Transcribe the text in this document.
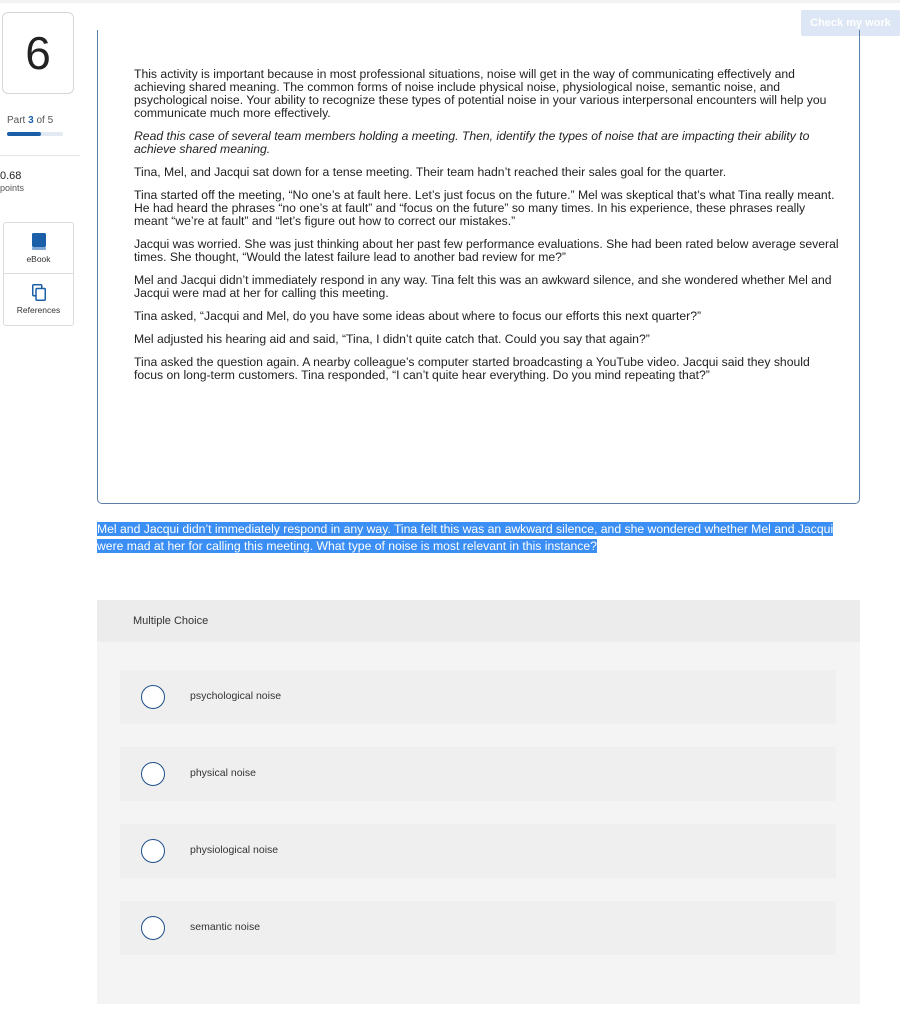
Check my work
6
Part 3 of 5
0.68
points
eBook
References

This activity is important because in most professional situations, noise will get in the way of communicating effectively and achieving shared meaning. The common forms of noise include physical noise, physiological noise, semantic noise, and psychological noise. Your ability to recognize these types of potential noise in your various interpersonal encounters will help you communicate much more effectively.

Read this case of several team members holding a meeting. Then, identify the types of noise that are impacting their ability to achieve shared meaning.

Tina, Mel, and Jacqui sat down for a tense meeting. Their team hadn’t reached their sales goal for the quarter.

Tina started off the meeting, “No one’s at fault here. Let’s just focus on the future.” Mel was skeptical that’s what Tina really meant. He had heard the phrases “no one’s at fault” and “focus on the future” so many times. In his experience, these phrases really meant “we’re at fault” and “let’s figure out how to correct our mistakes.”

Jacqui was worried. She was just thinking about her past few performance evaluations. She had been rated below average several times. She thought, “Would the latest failure lead to another bad review for me?”

Mel and Jacqui didn’t immediately respond in any way. Tina felt this was an awkward silence, and she wondered whether Mel and Jacqui were mad at her for calling this meeting.

Tina asked, “Jacqui and Mel, do you have some ideas about where to focus our efforts this next quarter?”

Mel adjusted his hearing aid and said, “Tina, I didn’t quite catch that. Could you say that again?”

Tina asked the question again. A nearby colleague’s computer started broadcasting a YouTube video. Jacqui said they should focus on long-term customers. Tina responded, “I can’t quite hear everything. Do you mind repeating that?”

Mel and Jacqui didn’t immediately respond in any way. Tina felt this was an awkward silence, and she wondered whether Mel and Jacqui were mad at her for calling this meeting. What type of noise is most relevant in this instance?
Multiple Choice
psychological noise
physical noise
physiological noise
semantic noise
